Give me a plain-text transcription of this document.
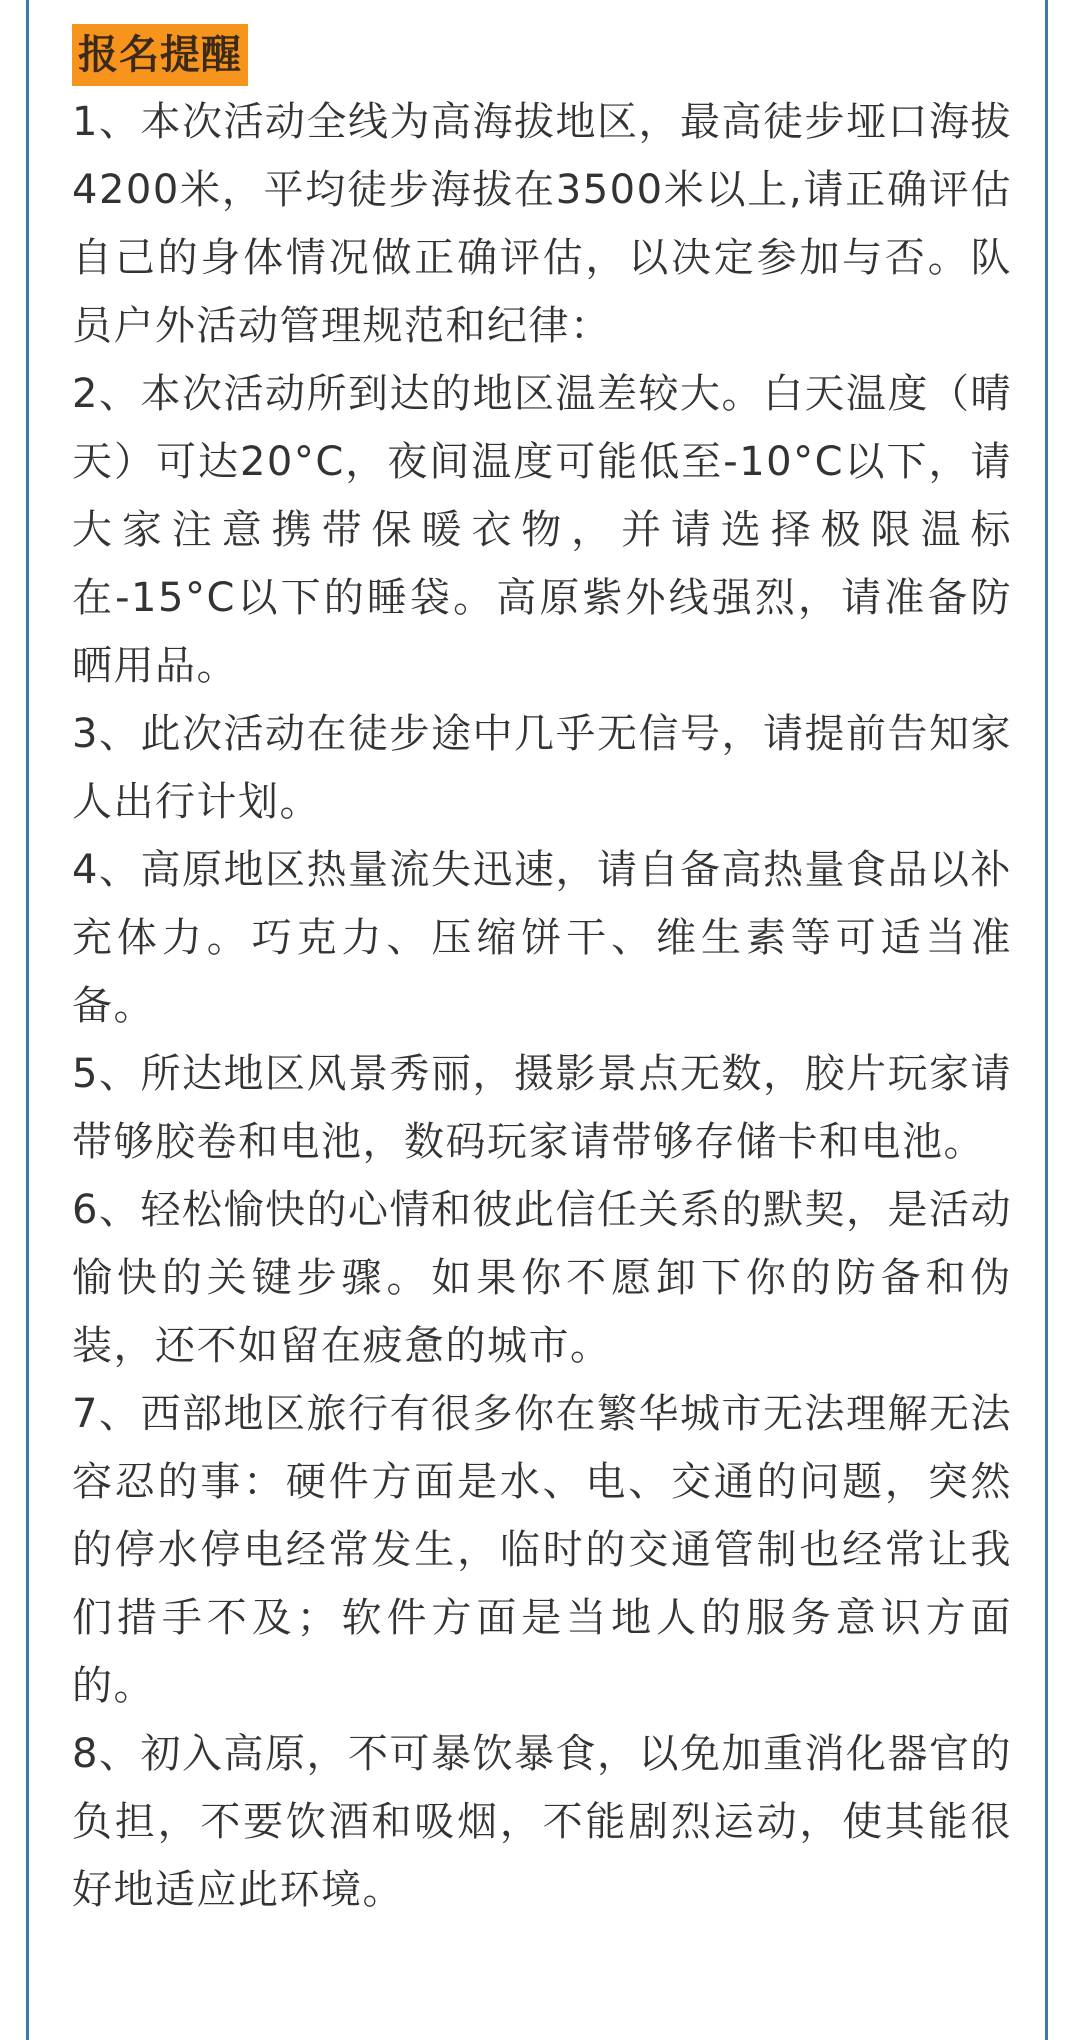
报名提醒

1、本次活动全线为高海拔地区，最高徒步垭口海拔4200米，平均徒步海拔在3500米以上,请正确评估自己的身体情况做正确评估，以决定参加与否。队员户外活动管理规范和纪律：

2、本次活动所到达的地区温差较大。白天温度（晴天）可达20°C，夜间温度可能低至-10°C以下，请大家注意携带保暖衣物，并请选择极限温标在-15°C以下的睡袋。高原紫外线强烈，请准备防晒用品。

3、此次活动在徒步途中几乎无信号，请提前告知家人出行计划。

4、高原地区热量流失迅速，请自备高热量食品以补充体力。巧克力、压缩饼干、维生素等可适当准备。

5、所达地区风景秀丽，摄影景点无数，胶片玩家请带够胶卷和电池，数码玩家请带够存储卡和电池。

6、轻松愉快的心情和彼此信任关系的默契，是活动愉快的关键步骤。如果你不愿卸下你的防备和伪装，还不如留在疲惫的城市。

7、西部地区旅行有很多你在繁华城市无法理解无法容忍的事：硬件方面是水、电、交通的问题，突然的停水停电经常发生，临时的交通管制也经常让我们措手不及；软件方面是当地人的服务意识方面的。

8、初入高原，不可暴饮暴食，以免加重消化器官的负担，不要饮酒和吸烟，不能剧烈运动，使其能很好地适应此环境。
